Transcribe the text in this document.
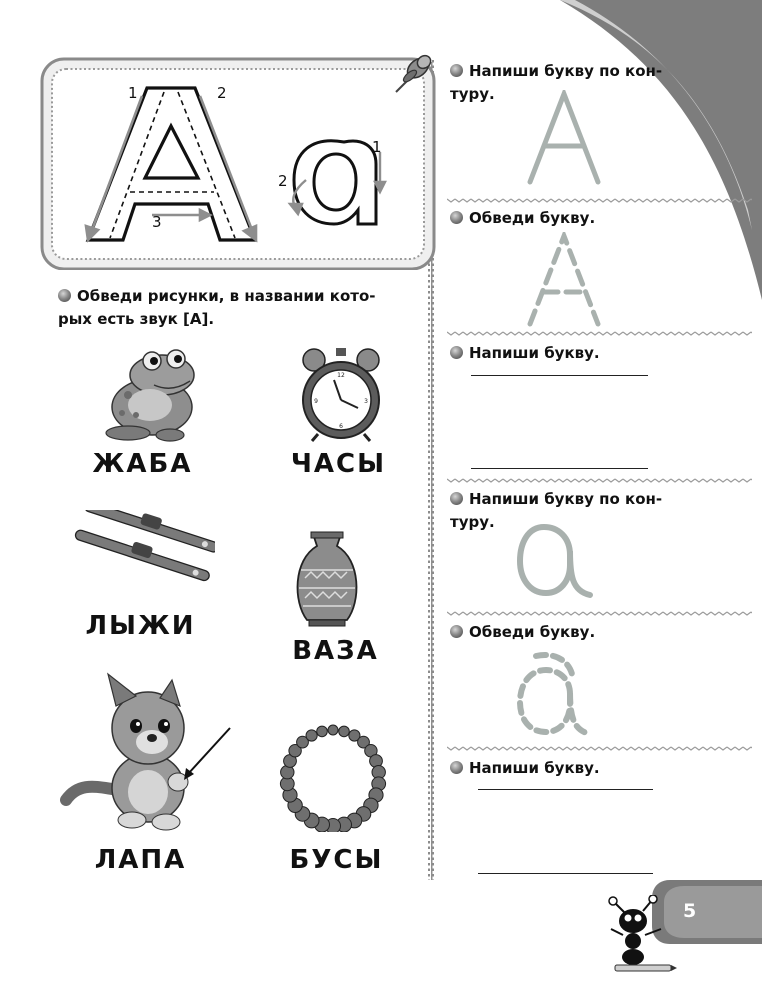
1	2
3
1
2
Обведи рисунки, в названии кото-
рых есть звук [А].
ЖАБА
12
3
6
9
ЧАСЫ
ЛЫЖИ
ВАЗА
ЛАПА	БУСЫ
Напиши букву по кон-
туру.
Обведи букву.
Напиши букву.
Напиши букву по кон-
туру.
Обведи букву.
Напиши букву.
5
